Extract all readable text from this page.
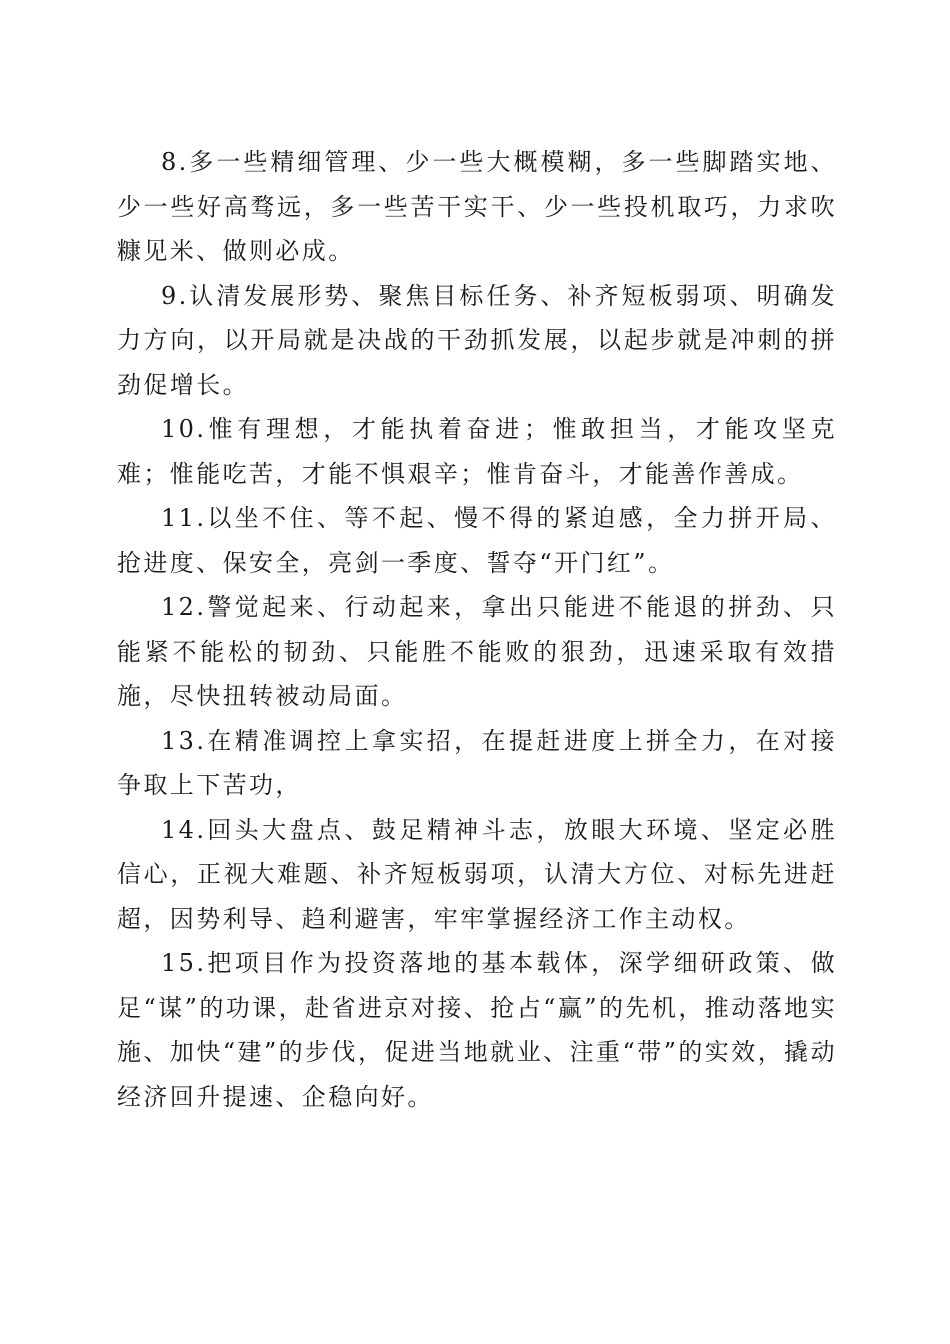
8.多一些精细管理、少一些大概模糊，多一些脚踏实地、少一些好高骛远，多一些苦干实干、少一些投机取巧，力求吹糠见米、做则必成。

9.认清发展形势、聚焦目标任务、补齐短板弱项、明确发力方向，以开局就是决战的干劲抓发展，以起步就是冲刺的拼劲促增长。

10.惟有理想，才能执着奋进；惟敢担当，才能攻坚克难；惟能吃苦，才能不惧艰辛；惟肯奋斗，才能善作善成。

11.以坐不住、等不起、慢不得的紧迫感，全力拼开局、抢进度、保安全，亮剑一季度、誓夺“开门红”。

12.警觉起来、行动起来，拿出只能进不能退的拼劲、只能紧不能松的韧劲、只能胜不能败的狠劲，迅速采取有效措施，尽快扭转被动局面。

13.在精准调控上拿实招，在提赶进度上拼全力，在对接争取上下苦功，

14.回头大盘点、鼓足精神斗志，放眼大环境、坚定必胜信心，正视大难题、补齐短板弱项，认清大方位、对标先进赶超，因势利导、趋利避害，牢牢掌握经济工作主动权。

15.把项目作为投资落地的基本载体，深学细研政策、做足“谋”的功课，赴省进京对接、抢占“赢”的先机，推动落地实施、加快“建”的步伐，促进当地就业、注重“带”的实效，撬动经济回升提速、企稳向好。
